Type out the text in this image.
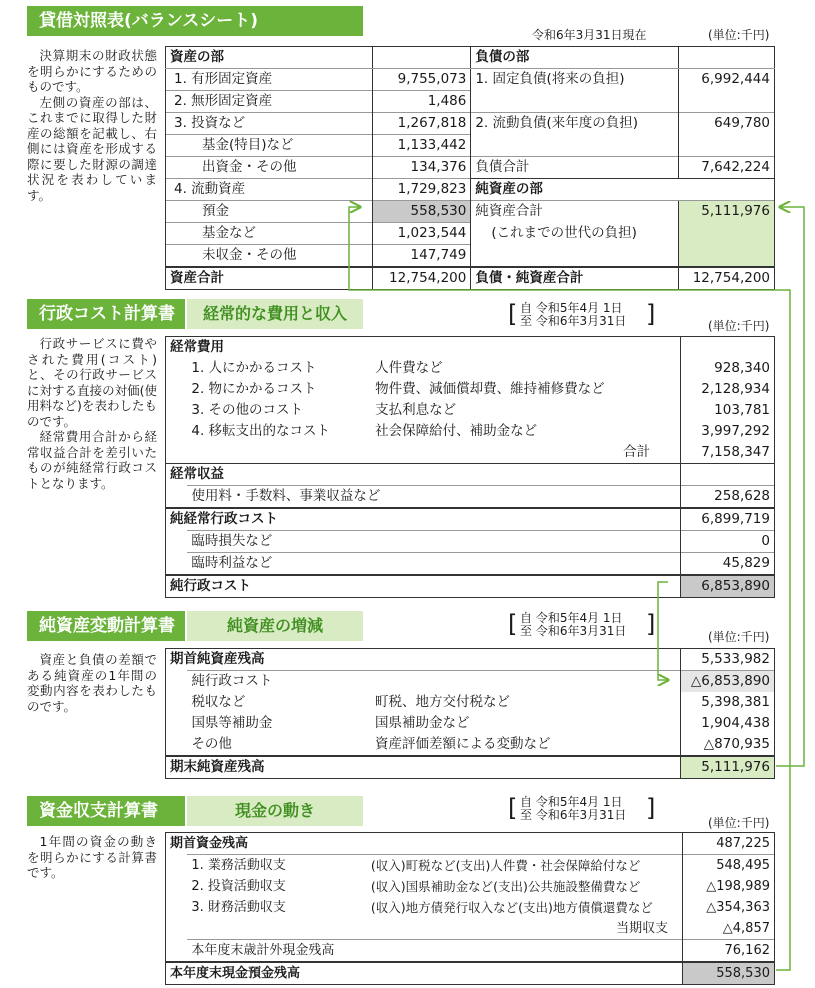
貸借対照表(バランスシート)
令和6年3月31日現在	(単位:千円)

決算期末の財政状態を明らかにするためのものです。

左側の資産の部は、これまでに取得した財産の総額を記載し、右側には資産を形成する際に要した財源の調達状況を表わしています。

資産の部		負債の部	
1. 有形固定資産	9,755,073	1. 固定負債(将来の負担)	6,992,444
2. 無形固定資産	1,486		
3. 投資など	1,267,818	2. 流動負債(来年度の負担)	649,780
基金(特目)など	1,133,442		
出資金・その他	134,376	負債合計	7,642,224
4. 流動資産	1,729,823	純資産の部	
預金	558,530	純資産合計	5,111,976
基金など	1,023,544	(これまでの世代の負担)	
未収金・その他	147,749		
資産合計	12,754,200	負債・純資産合計	12,754,200
行政コスト計算書	経常的な費用と収入	[ 自 令和5年4月 1日
至 令和6年3月31日 ]	(単位:千円)

行政サービスに費やされた費用(コスト)と、その行政サービスに対する直接の対価(使用料など)を表わしたものです。

経常費用合計から経常収益合計を差引いたものが純経常行政コストとなります。

経常費用			
	1. 人にかかるコスト	人件費など	928,340
	2. 物にかかるコスト	物件費、減価償却費、維持補修費など	2,128,934
	3. その他のコスト	支払利息など	103,781
	4. 移転支出的なコスト	社会保障給付、補助金など	3,997,292
		合計	7,158,347
経常収益			
	使用料・手数料、事業収益など		258,628
純経常行政コスト			6,899,719
	臨時損失など		0
	臨時利益など		45,829
純行政コスト			6,853,890
純資産変動計算書	純資産の増減	[ 自 令和5年4月 1日
至 令和6年3月31日 ]	(単位:千円)

資産と負債の差額である純資産の1年間の変動内容を表わしたものです。

期首純資産残高			5,533,982
	純行政コスト		△6,853,890
	税収など	町税、地方交付税など	5,398,381
	国県等補助金	国県補助金など	1,904,438
	その他	資産評価差額による変動など	△870,935
期末純資産残高			5,111,976
資金収支計算書	現金の動き	[ 自 令和5年4月 1日
至 令和6年3月31日 ]
(単位:千円)

1年間の資金の動きを明らかにする計算書です。

期首資金残高			487,225
	1. 業務活動収支	(収入)町税など(支出)人件費・社会保障給付など	548,495
	2. 投資活動収支	(収入)国県補助金など(支出)公共施設整備費など	△198,989
	3. 財務活動収支	(収入)地方債発行収入など(支出)地方債償還費など	△354,363
		当期収支	△4,857
	本年度末歳計外現金残高		76,162
本年度末現金預金残高			558,530
